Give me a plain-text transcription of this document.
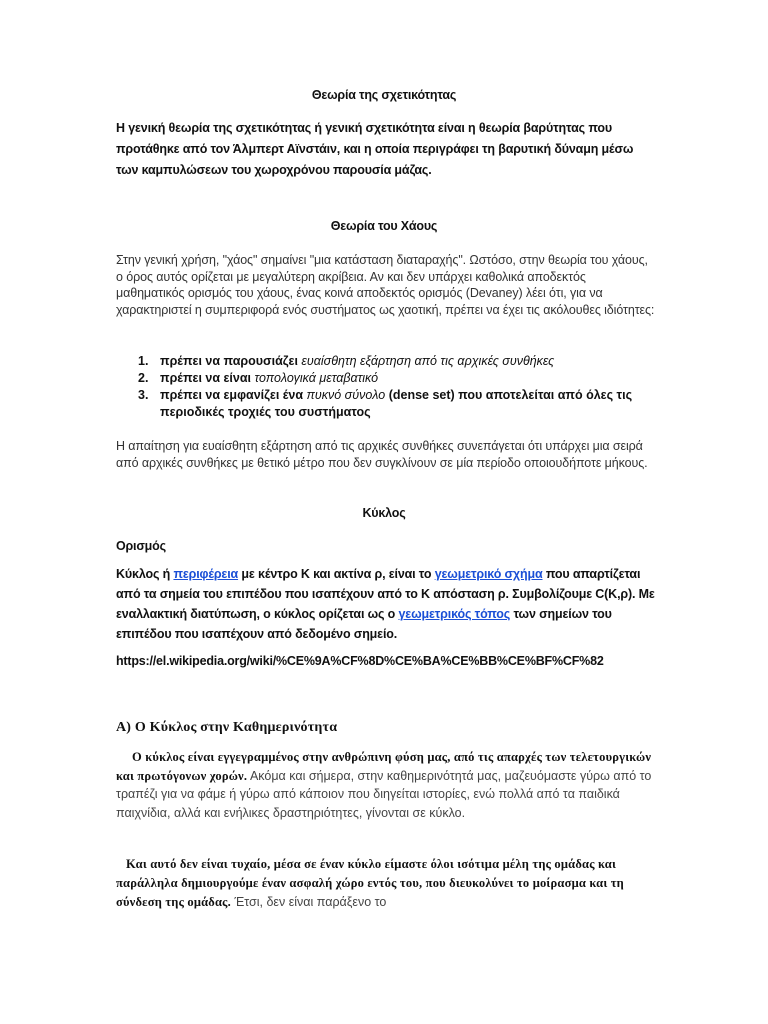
Θεωρία της σχετικότητας
Η γενική θεωρία της σχετικότητας ή γενική σχετικότητα είναι η θεωρία βαρύτητας που προτάθηκε από τον Άλμπερτ Αϊνστάιν, και η οποία περιγράφει τη βαρυτική δύναμη μέσω των καμπυλώσεων του χωροχρόνου παρουσία μάζας.
Θεωρία του Χάους
Στην γενική χρήση, "χάος" σημαίνει "μια κατάσταση διαταραχής". Ωστόσο, στην θεωρία του χάους, ο όρος αυτός ορίζεται με μεγαλύτερη ακρίβεια. Αν και δεν υπάρχει καθολικά αποδεκτός μαθηματικός ορισμός του χάους, ένας κοινά αποδεκτός ορισμός (Devaney) λέει ότι, για να χαρακτηριστεί η συμπεριφορά ενός συστήματος ως χαοτική, πρέπει να έχει τις ακόλουθες ιδιότητες:
1. πρέπει να παρουσιάζει ευαίσθητη εξάρτηση από τις αρχικές συνθήκες
2. πρέπει να είναι τοπολογικά μεταβατικό
3. πρέπει να εμφανίζει ένα πυκνό σύνολο (dense set) που αποτελείται από όλες τις περιοδικές τροχιές του συστήματος
Η απαίτηση για ευαίσθητη εξάρτηση από τις αρχικές συνθήκες συνεπάγεται ότι υπάρχει μια σειρά από αρχικές συνθήκες με θετικό μέτρο που δεν συγκλίνουν σε μία περίοδο οποιουδήποτε μήκους.
Κύκλος
Ορισμός
Κύκλος ή περιφέρεια με κέντρο Κ και ακτίνα ρ, είναι το γεωμετρικό σχήμα που απαρτίζεται από τα σημεία του επιπέδου που ισαπέχουν από το Κ απόσταση ρ. Συμβολίζουμε C(Κ,ρ). Με εναλλακτική διατύπωση, ο κύκλος ορίζεται ως ο γεωμετρικός τόπος των σημείων του επιπέδου που ισαπέχουν από δεδομένο σημείο.
https://el.wikipedia.org/wiki/%CE%9A%CF%8D%CE%BA%CE%BB%CE%BF%CF%82
Α) Ο Κύκλος στην Καθημερινότητα
Ο κύκλος είναι εγγεγραμμένος στην ανθρώπινη φύση μας, από τις απαρχές των τελετουργικών και πρωτόγονων χορών. Ακόμα και σήμερα, στην καθημερινότητά μας, μαζευόμαστε γύρω από το τραπέζι για να φάμε ή γύρω από κάποιον που διηγείται ιστορίες, ενώ πολλά από τα παιδικά παιχνίδια, αλλά και ενήλικες δραστηριότητες, γίνονται σε κύκλο.
Και αυτό δεν είναι τυχαίο, μέσα σε έναν κύκλο είμαστε όλοι ισότιμα μέλη της ομάδας και παράλληλα δημιουργούμε έναν ασφαλή χώρο εντός του, που διευκολύνει το μοίρασμα και τη σύνδεση της ομάδας. Έτσι, δεν είναι παράξενο το
